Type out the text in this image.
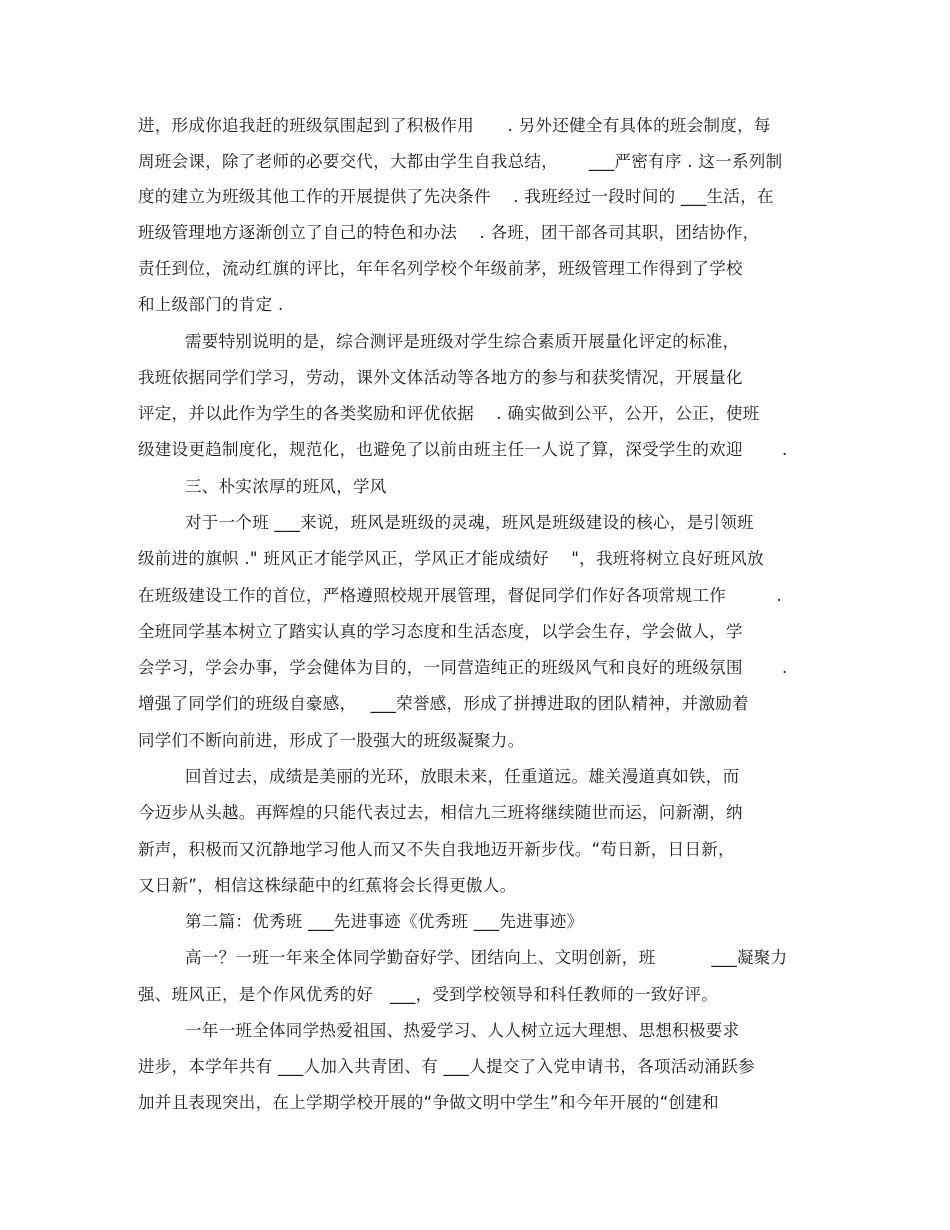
进，形成你追我赶的班级氛围起到了积极作用　　. 另外还健全有具体的班会制度，每
周班会课，除了老师的必要交代，大都由学生自我总结，　　 ___严密有序 . 这一系列制
度的建立为班级其他工作的开展提供了先决条件　 . 我班经过一段时间的 ___生活，在
班级管理地方逐渐创立了自己的特色和办法　 . 各班，团干部各司其职，团结协作，
责任到位，流动红旗的评比，年年名列学校个年级前茅，班级管理工作得到了学校
和上级部门的肯定 .
需要特别说明的是，综合测评是班级对学生综合素质开展量化评定的标准，
我班依据同学们学习，劳动，课外文体活动等各地方的参与和获奖情况，开展量化
评定，并以此作为学生的各类奖励和评优依据　 . 确实做到公平，公开，公正，使班
级建设更趋制度化，规范化，也避免了以前由班主任一人说了算，深受学生的欢迎　　 .
三、朴实浓厚的班风，学风
对于一个班 ___来说，班风是班级的灵魂，班风是班级建设的核心，是引领班
级前进的旗帜 ." 班风正才能学风正，学风正才能成绩好　 "，我班将树立良好班风放
在班级建设工作的首位，严格遵照校规开展管理，督促同学们作好各项常规工作　　　.
全班同学基本树立了踏实认真的学习态度和生活态度，以学会生存，学会做人，学
会学习，学会办事，学会健体为目的，一同营造纯正的班级风气和良好的班级氛围　　 .
增强了同学们的班级自豪感，　 ___荣誉感，形成了拼搏进取的团队精神，并激励着
同学们不断向前进，形成了一股强大的班级凝聚力。
回首过去，成绩是美丽的光环，放眼未来，任重道远。雄关漫道真如铁，而
今迈步从头越。再辉煌的只能代表过去，相信九三班将继续随世而运，问新潮，纳
新声，积极而又沉静地学习他人而又不失自我地迈开新步伐。“苟日新，日日新，
又日新”，相信这株绿葩中的红蕉将会长得更傲人。
第二篇：优秀班 ___先进事迹《优秀班 ___先进事迹》
高一？一班一年来全体同学勤奋好学、团结向上、文明创新，班　　　 ___凝聚力
强、班风正，是个作风优秀的好　___，受到学校领导和科任教师的一致好评。
一年一班全体同学热爱祖国、热爱学习、人人树立远大理想、思想积极要求
进步，本学年共有 ___人加入共青团、有 ___人提交了入党申请书，各项活动涌跃参
加并且表现突出，在上学期学校开展的“争做文明中学生”和今年开展的“创建和
